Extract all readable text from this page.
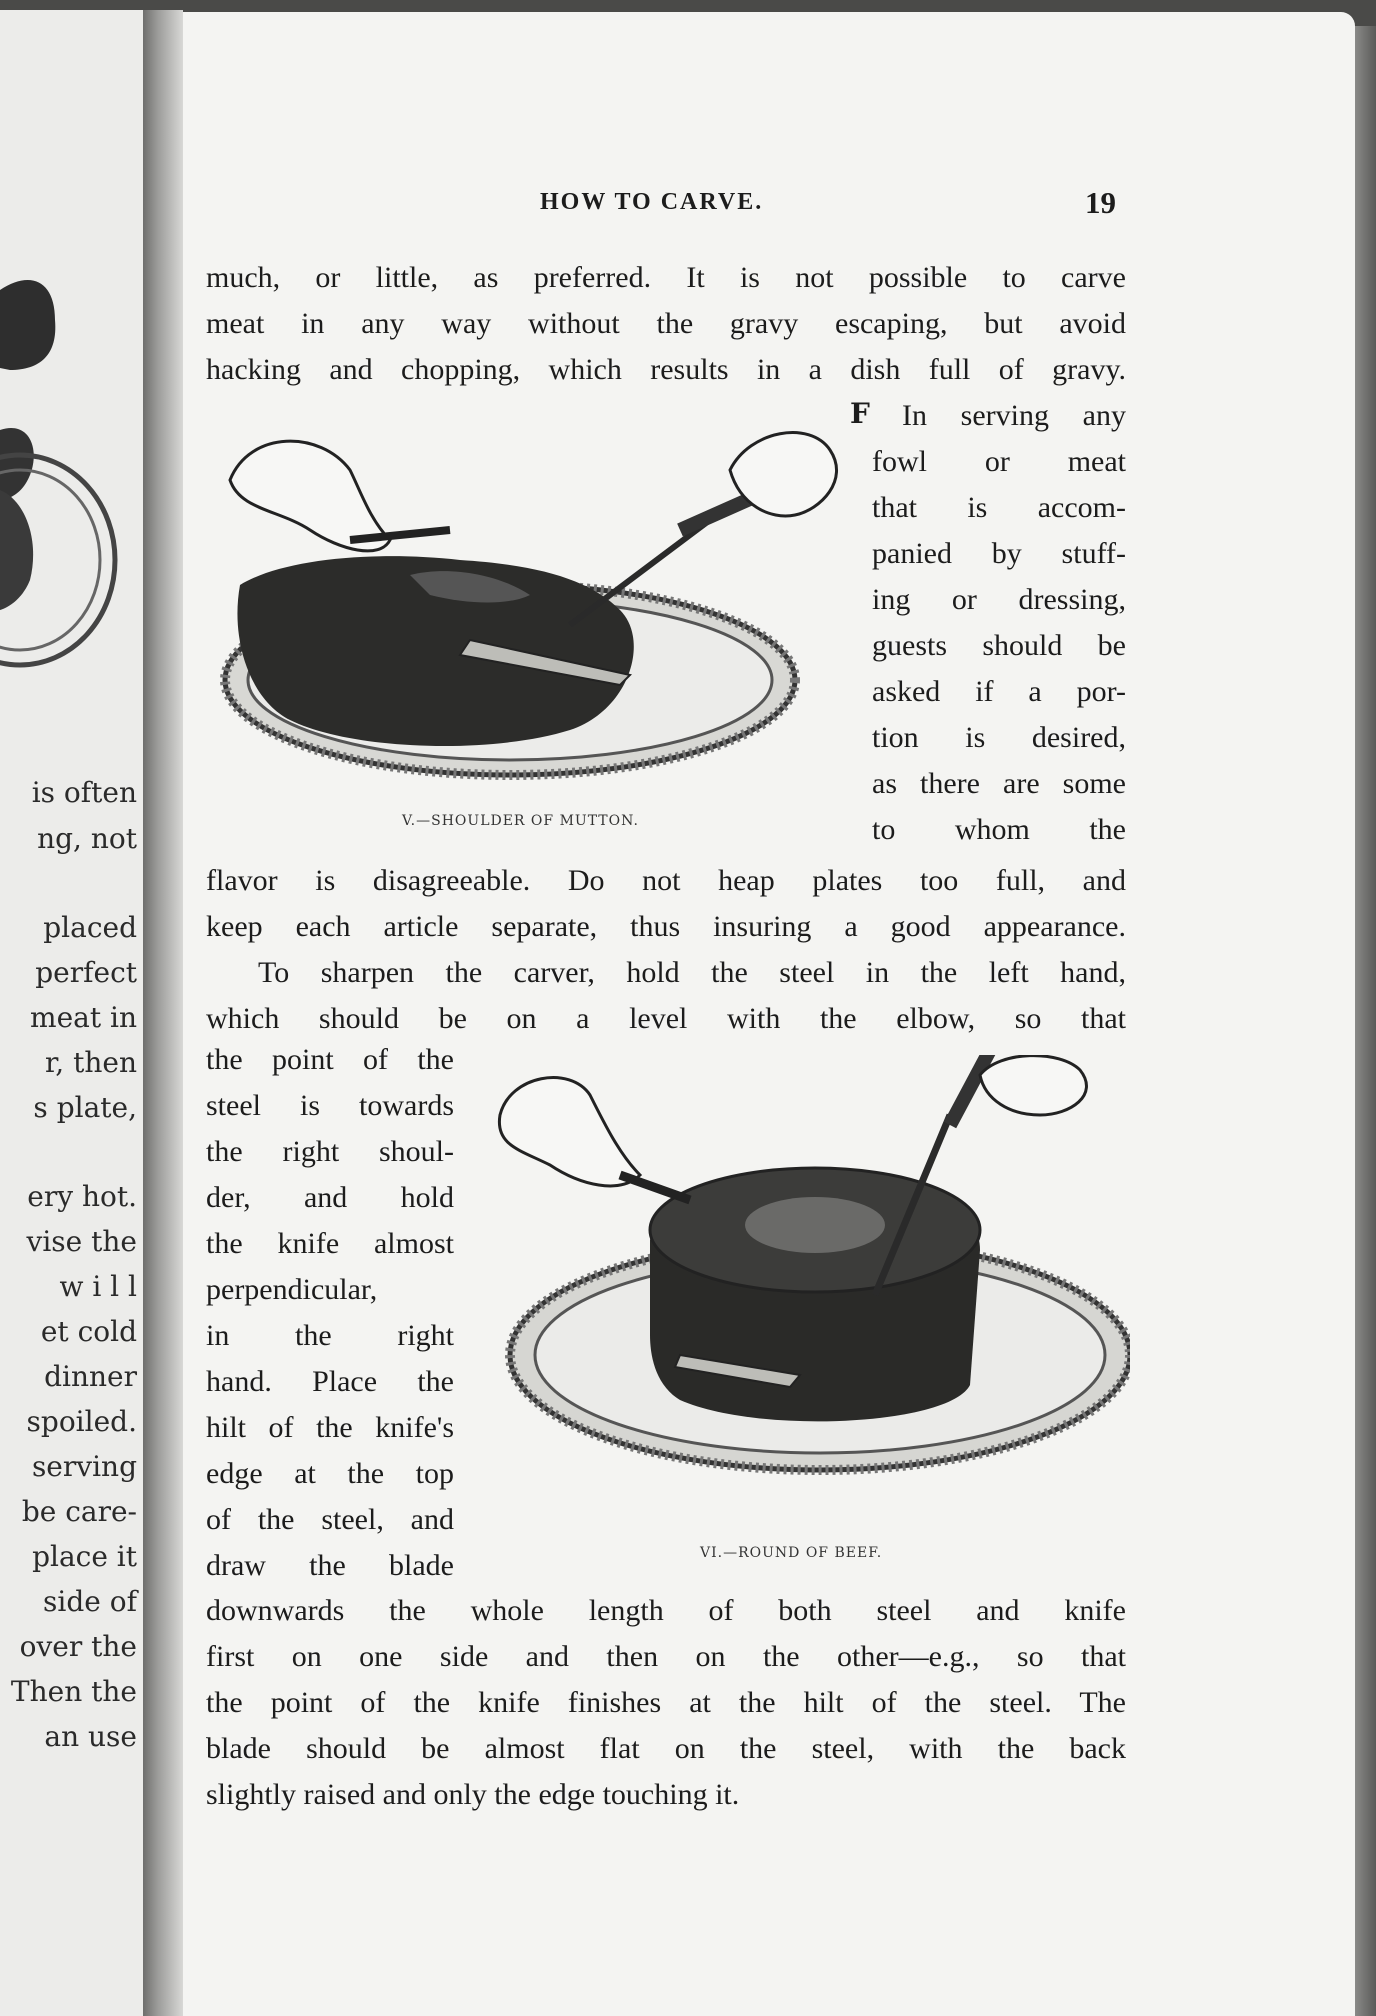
is often
ng, not
placed
perfect
meat in
r, then
s plate,
ery hot.
vise the
w i l l
et cold
dinner
spoiled.
serving
be care-
place it
side of
over the
Then the
an use
HOW TO CARVE.	19
much, or little, as preferred. It is not possible to carve
meat in any way without the gravy escaping, but avoid
hacking and chopping, which results in a dish full of gravy.
V.—SHOULDER OF MUTTON.
F In serving any
fowl or meat
that is accom-
panied by stuff-
ing or dressing,
guests should be
asked if a por-
tion is desired,
as there are some
to whom the
flavor is disagreeable. Do not heap plates too full, and
keep each article separate, thus insuring a good appearance.
To sharpen the carver, hold the steel in the left hand,
which should be on a level with the elbow, so that
the point of the
steel is towards
the right shoul-
der, and hold
the knife almost
perpendicular,
in the right
hand. Place the
hilt of the knife's
edge at the top
of the steel, and
draw the blade	VI.—ROUND OF BEEF.
downwards the whole length of both steel and knife
first on one side and then on the other—e.g., so that
the point of the knife finishes at the hilt of the steel. The
blade should be almost flat on the steel, with the back
slightly raised and only the edge touching it.
